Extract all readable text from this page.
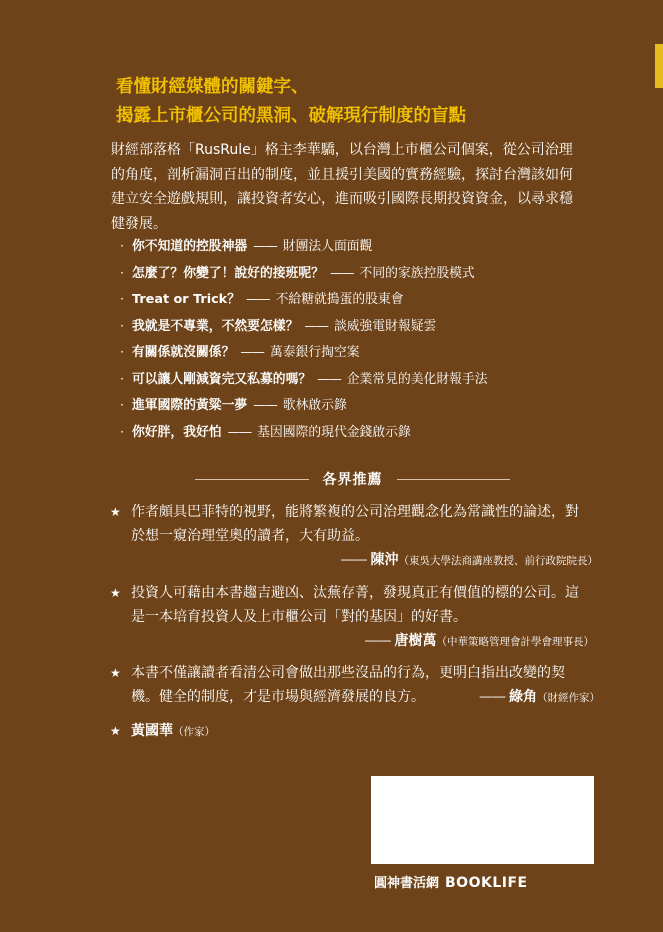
看懂財經媒體的關鍵字、
揭露上市櫃公司的黑洞、破解現行制度的盲點
財經部落格「RusRule」格主李華驕，以台灣上市櫃公司個案，從公司治理
的角度，剖析漏洞百出的制度，並且援引美國的實務經驗，探討台灣該如何
建立安全遊戲規則，讓投資者安心，進而吸引國際長期投資資金，以尋求穩
健發展。
· 你不知道的控股神器 —— 財團法人面面觀
· 怎麼了？你變了！說好的接班呢？ —— 不同的家族控股模式
· Treat or Trick？ —— 不給糖就搗蛋的股東會
· 我就是不專業，不然要怎樣？ —— 談威強電財報疑雲
· 有關係就沒關係？ —— 萬泰銀行掏空案
· 可以讓人剛減資完又私募的嗎？ —— 企業常見的美化財報手法
· 進軍國際的黃粱一夢 —— 歌林啟示錄
· 你好胖，我好怕 —— 基因國際的現代金錢啟示錄
各界推薦
★ 作者頗具巴菲特的視野，能將繁複的公司治理觀念化為常識性的論述，對
於想一窺治理堂奧的讀者，大有助益。
—— 陳沖（東吳大學法商講座教授、前行政院院長）
★ 投資人可藉由本書趨吉避凶、汰蕪存菁，發現真正有價值的標的公司。這
是一本培育投資人及上市櫃公司「對的基因」的好書。
—— 唐樹萬（中華策略管理會計學會理事長）
★ 本書不僅讓讀者看清公司會做出那些沒品的行為，更明白指出改變的契
機。健全的制度，才是市場與經濟發展的良方。	—— 綠角（財經作家）
★ 黃國華（作家）
圓神書活網 BOOKLIFE
